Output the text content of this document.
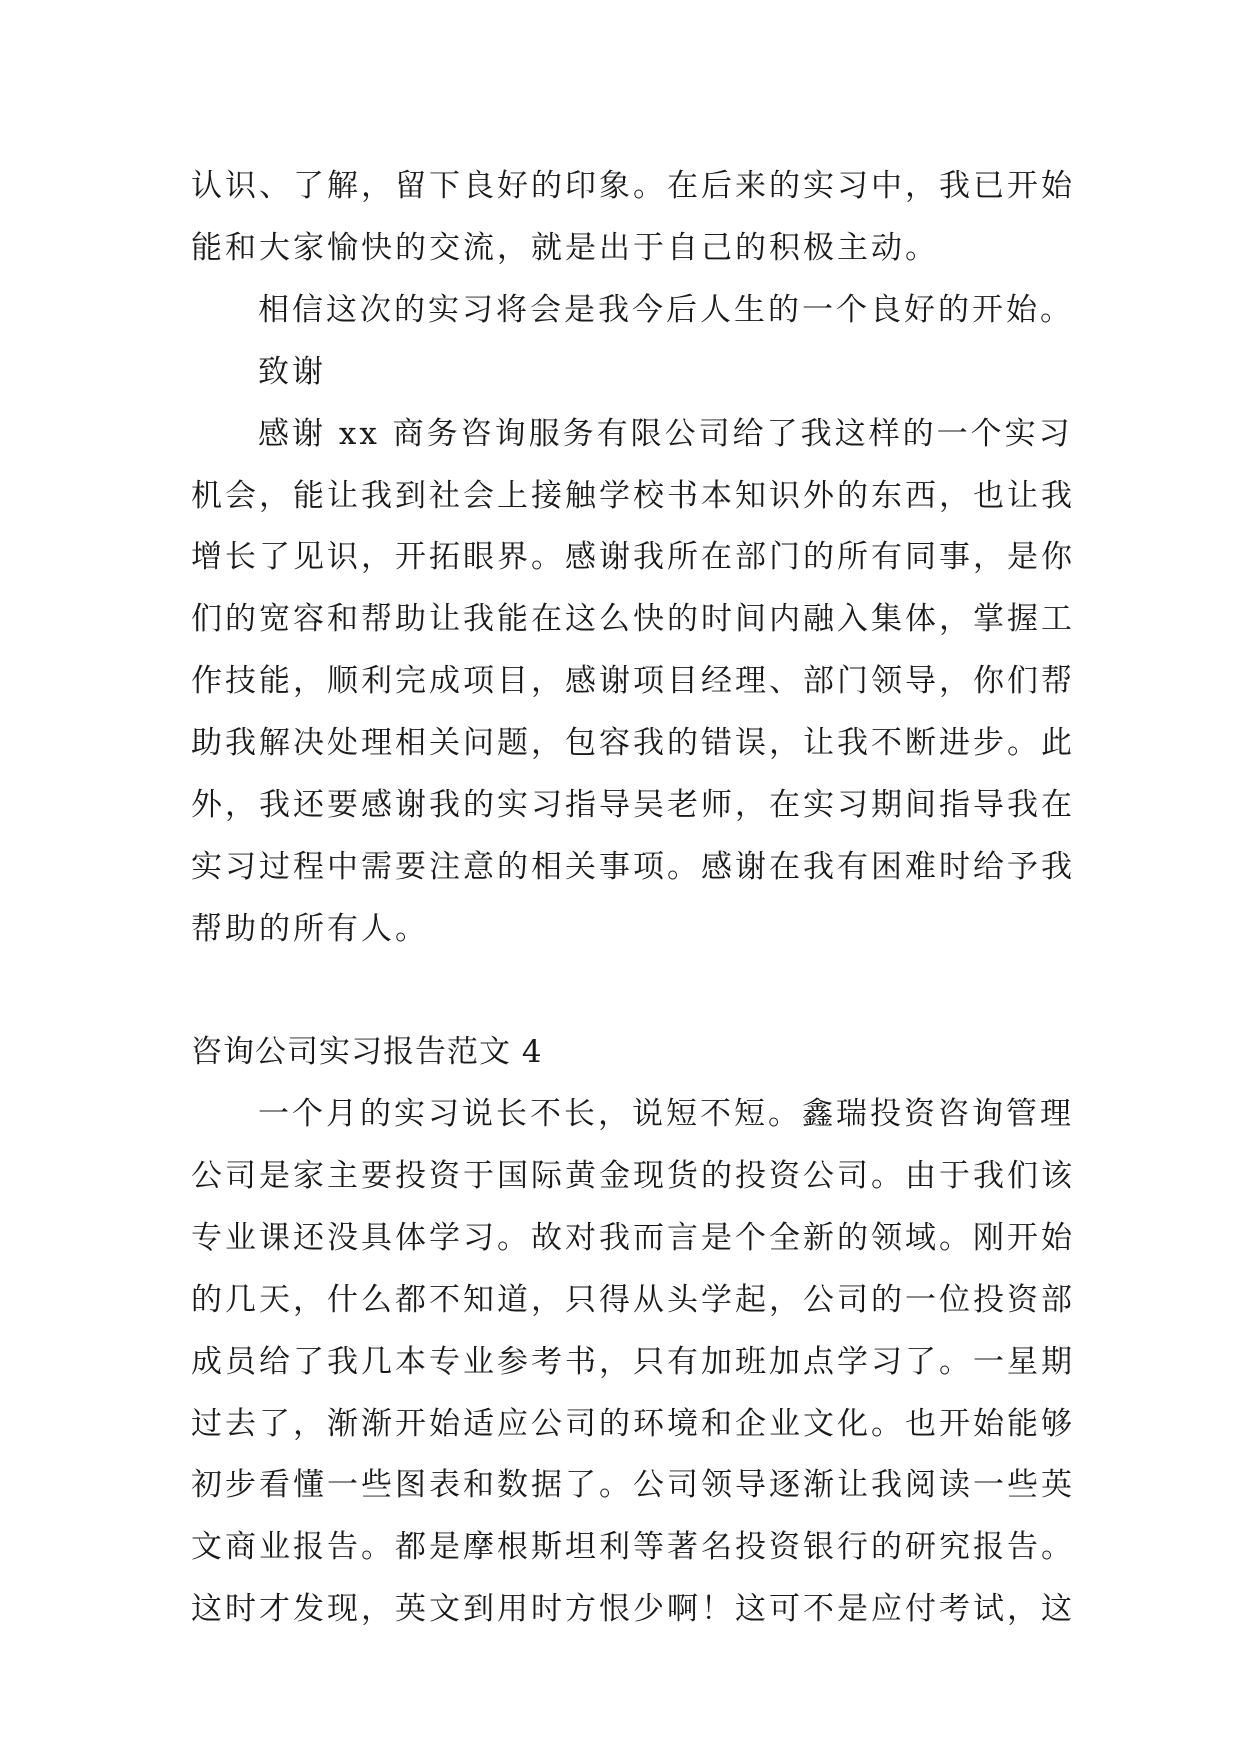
认识、了解，留下良好的印象。在后来的实习中，我已开始
能和大家愉快的交流，就是出于自己的积极主动。
相信这次的实习将会是我今后人生的一个良好的开始。
致谢
感谢 xx 商务咨询服务有限公司给了我这样的一个实习
机会，能让我到社会上接触学校书本知识外的东西，也让我
增长了见识，开拓眼界。感谢我所在部门的所有同事，是你
们的宽容和帮助让我能在这么快的时间内融入集体，掌握工
作技能，顺利完成项目，感谢项目经理、部门领导，你们帮
助我解决处理相关问题，包容我的错误，让我不断进步。此
外，我还要感谢我的实习指导吴老师，在实习期间指导我在
实习过程中需要注意的相关事项。感谢在我有困难时给予我
帮助的所有人。
咨询公司实习报告范文 4
一个月的实习说长不长，说短不短。鑫瑞投资咨询管理
公司是家主要投资于国际黄金现货的投资公司。由于我们该
专业课还没具体学习。故对我而言是个全新的领域。刚开始
的几天，什么都不知道，只得从头学起，公司的一位投资部
成员给了我几本专业参考书，只有加班加点学习了。一星期
过去了，渐渐开始适应公司的环境和企业文化。也开始能够
初步看懂一些图表和数据了。公司领导逐渐让我阅读一些英
文商业报告。都是摩根斯坦利等著名投资银行的研究报告。
这时才发现，英文到用时方恨少啊！这可不是应付考试，这
